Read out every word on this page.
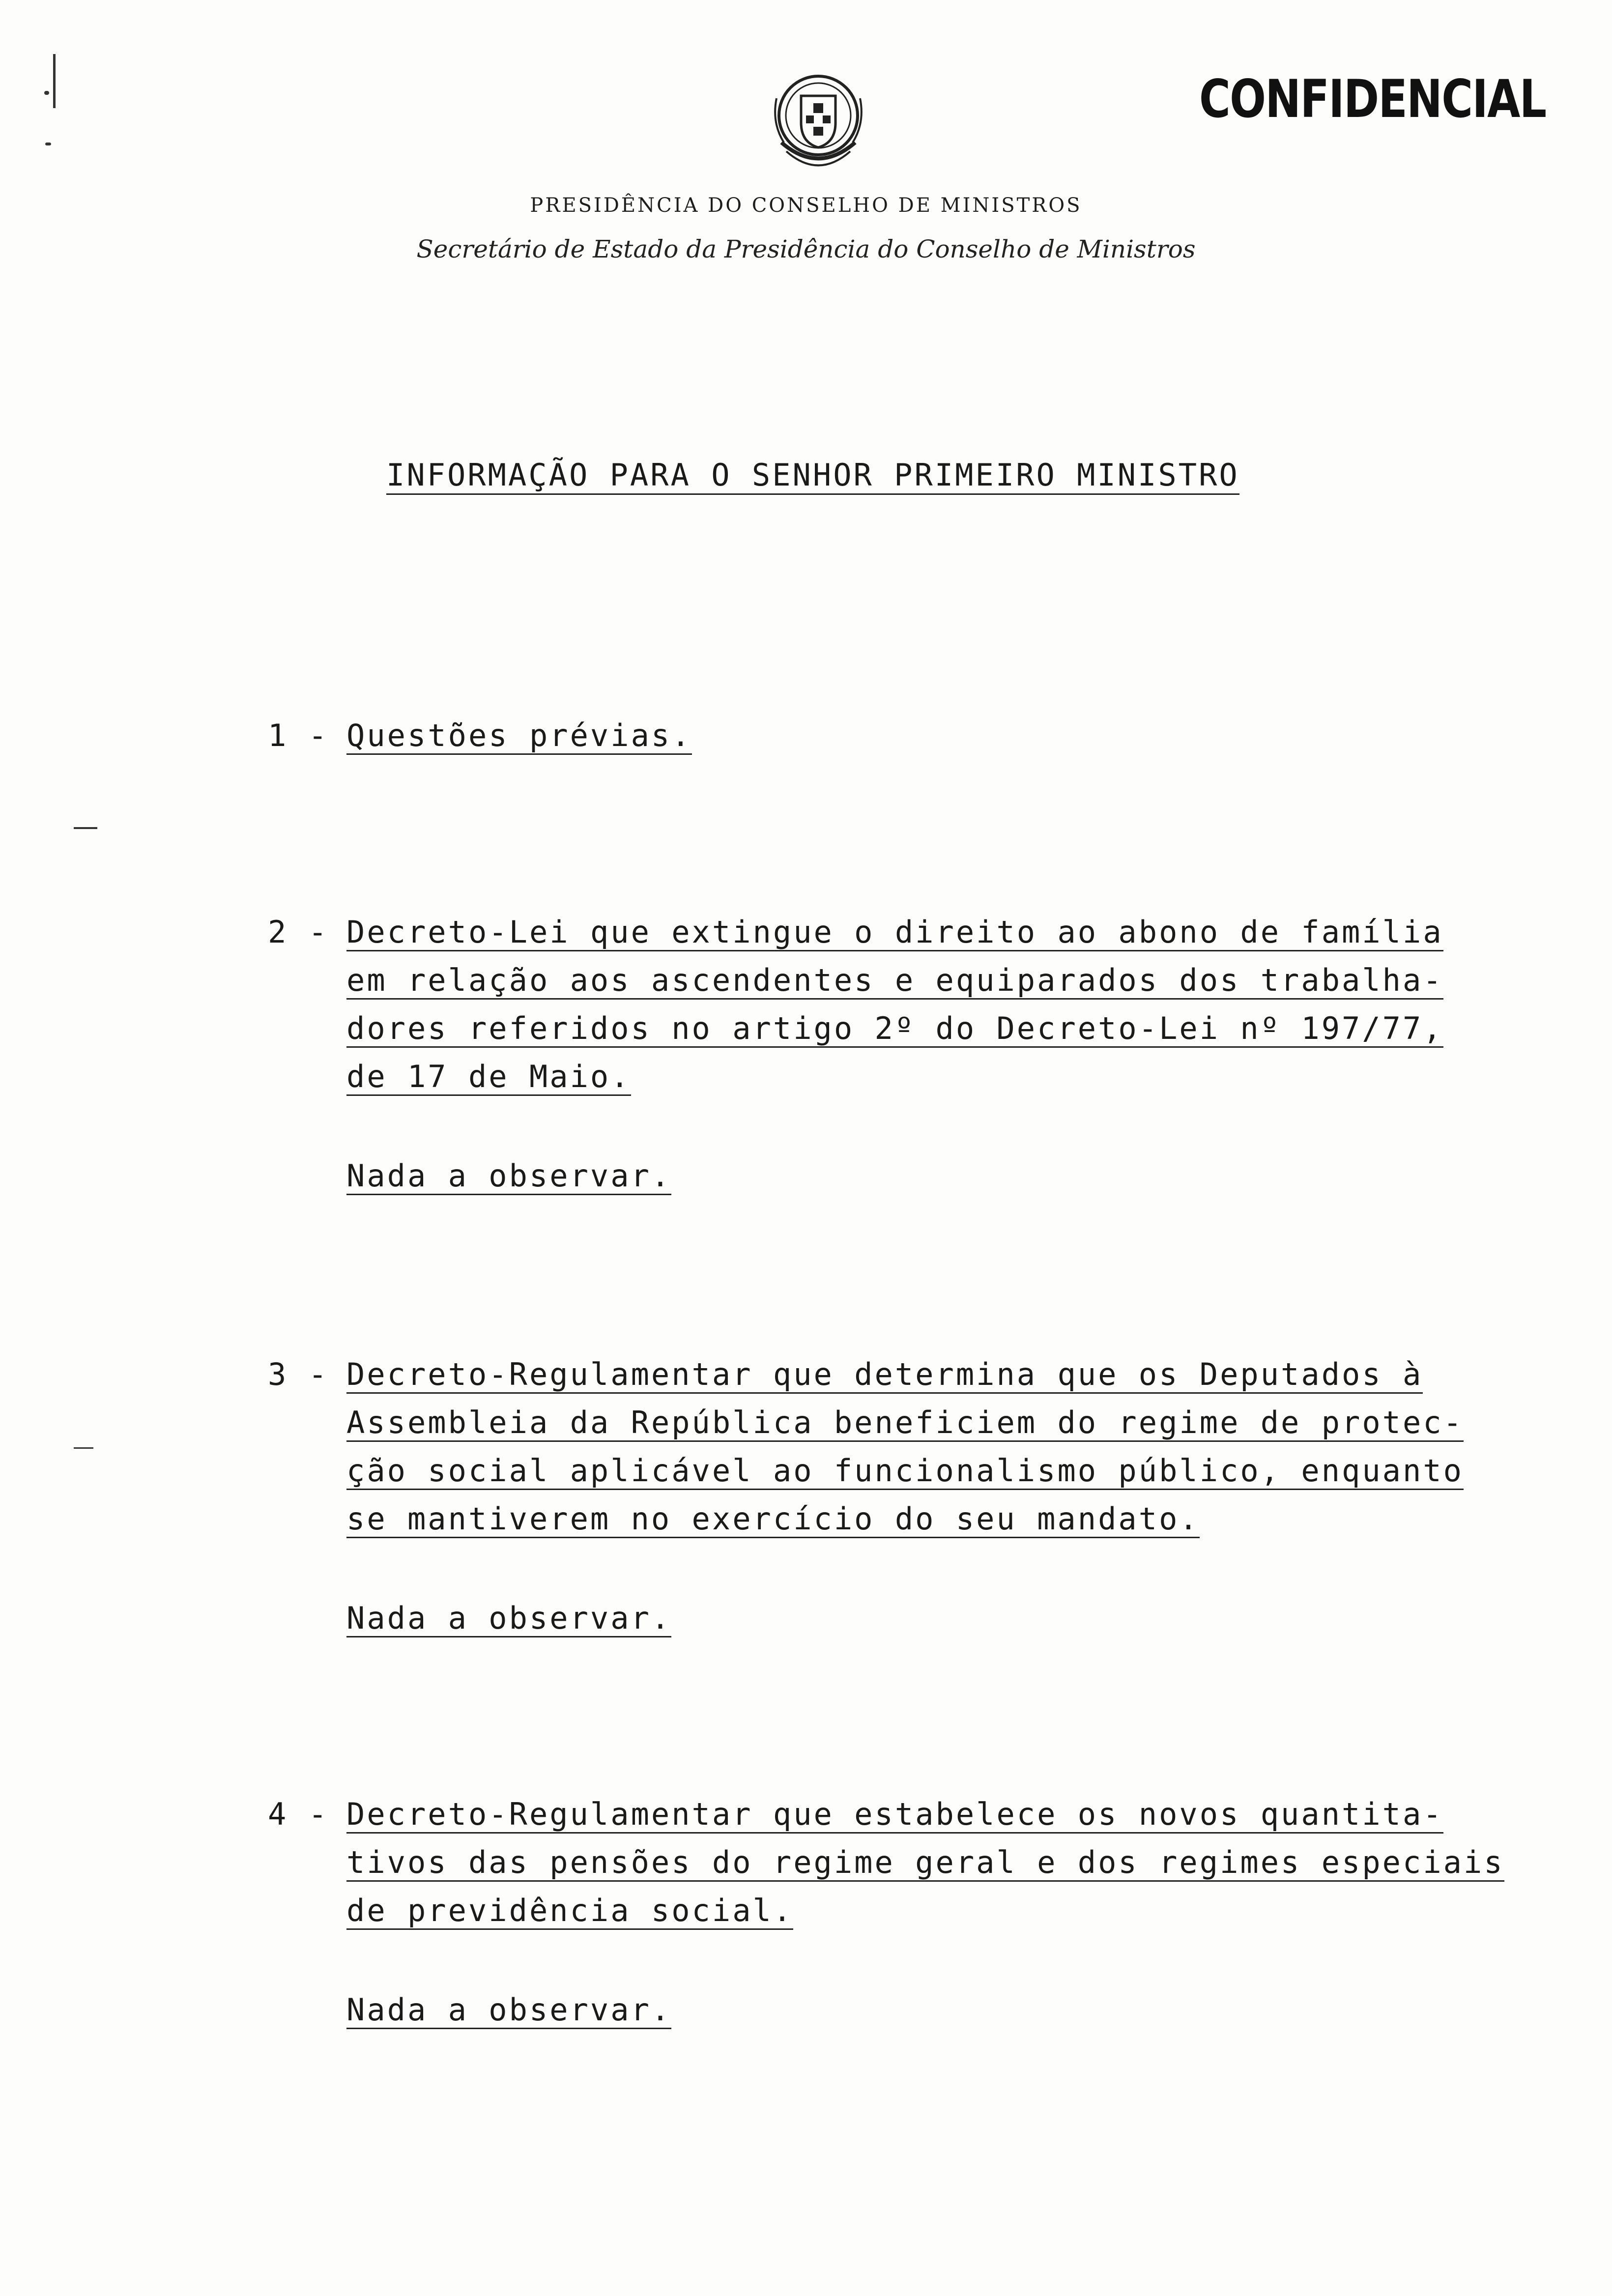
CONFIDENCIAL
PRESIDÊNCIA DO CONSELHO DE MINISTROS
Secretário de Estado da Presidência do Conselho de Ministros
INFORMAÇÃO PARA O SENHOR PRIMEIRO MINISTRO
1 - Questões prévias.
2 - Decreto-Lei que extingue o direito ao abono de família
em relação aos ascendentes e equiparados dos trabalha-
dores referidos no artigo 2º do Decreto-Lei nº 197/77,
de 17 de Maio.
Nada a observar.
3 - Decreto-Regulamentar que determina que os Deputados à
Assembleia da República beneficiem do regime de protec-
ção social aplicável ao funcionalismo público, enquanto
se mantiverem no exercício do seu mandato.
Nada a observar.
4 - Decreto-Regulamentar que estabelece os novos quantita-
tivos das pensões do regime geral e dos regimes especiais
de previdência social.
Nada a observar.
